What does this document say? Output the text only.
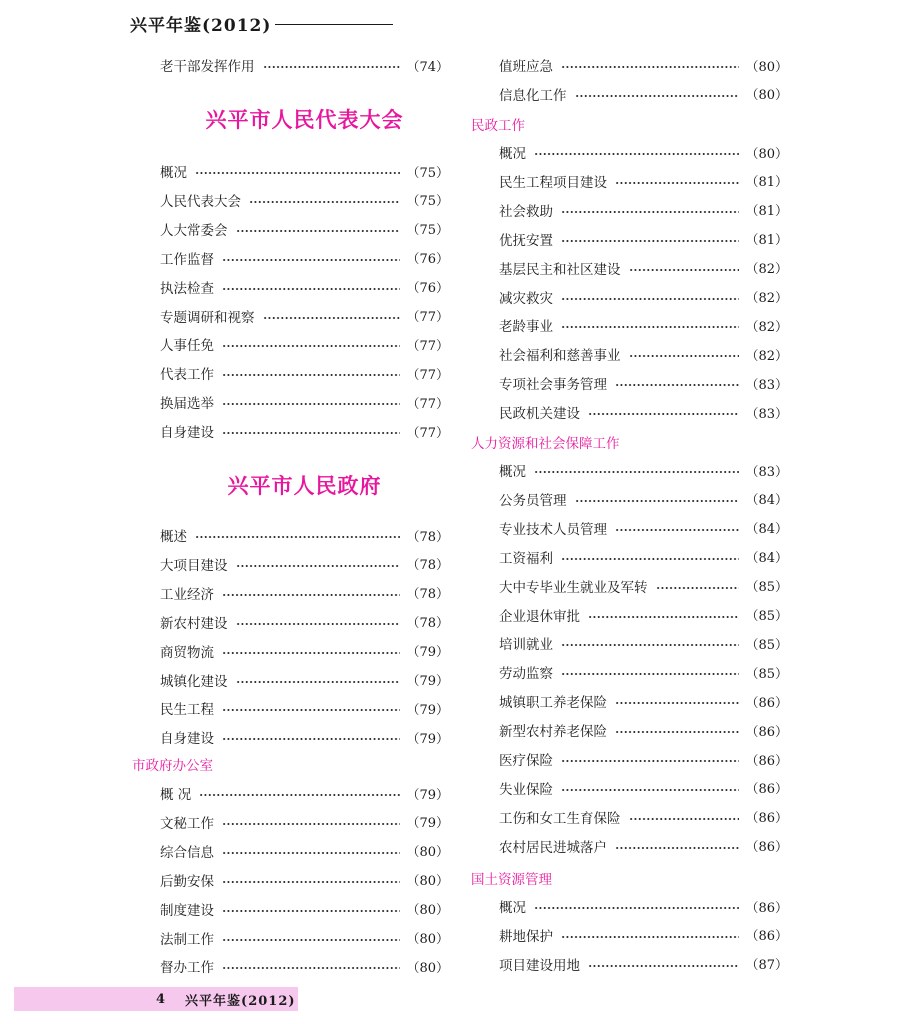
兴平年鉴(2012)
老干部发挥作用	（74）
兴平市人民代表大会
概况	（75）
人民代表大会	（75）
人大常委会	（75）
工作监督	（76）
执法检查	（76）
专题调研和视察	（77）
人事任免	（77）
代表工作	（77）
换届选举	（77）
自身建设	（77）
兴平市人民政府
概述	（78）
大项目建设	（78）
工业经济	（78）
新农村建设	（78）
商贸物流	（79）
城镇化建设	（79）
民生工程	（79）
自身建设	（79）
市政府办公室
概 况	（79）
文秘工作	（79）
综合信息	（80）
后勤安保	（80）
制度建设	（80）
法制工作	（80）
督办工作	（80）
值班应急	（80）
信息化工作	（80）
民政工作
概况	（80）
民生工程项目建设	（81）
社会救助	（81）
优抚安置	（81）
基层民主和社区建设	（82）
减灾救灾	（82）
老龄事业	（82）
社会福利和慈善事业	（82）
专项社会事务管理	（83）
民政机关建设	（83）
人力资源和社会保障工作
概况	（83）
公务员管理	（84）
专业技术人员管理	（84）
工资福利	（84）
大中专毕业生就业及军转	（85）
企业退休审批	（85）
培训就业	（85）
劳动监察	（85）
城镇职工养老保险	（86）
新型农村养老保险	（86）
医疗保险	（86）
失业保险	（86）
工伤和女工生育保险	（86）
农村居民进城落户	（86）
国土资源管理
概况	（86）
耕地保护	（86）
项目建设用地	（87）
4 兴平年鉴(2012)
